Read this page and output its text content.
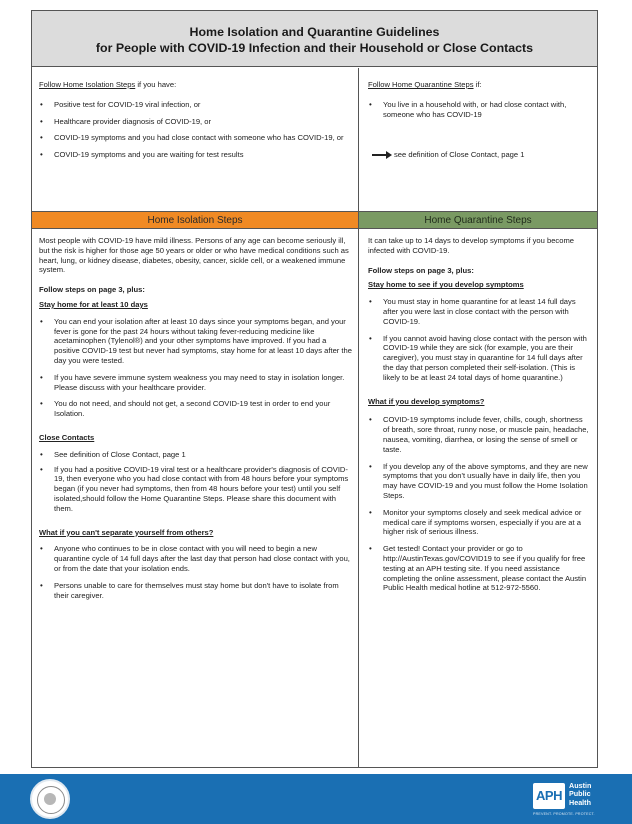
Home Isolation and Quarantine Guidelines
for People with COVID-19 Infection and their Household or Close Contacts
Follow Home Isolation Steps if you have:
• Positive test for COVID-19 viral infection, or
• Healthcare provider diagnosis of COVID-19, or
• COVID-19 symptoms and you had close contact with someone who has COVID-19, or
• COVID-19 symptoms and you are waiting for test results
Follow Home Quarantine Steps if:
• You live in a household with, or had close contact with, someone who has COVID-19
see definition of Close Contact, page 1
Home Isolation Steps	Home Quarantine Steps

Most people with COVID-19 have mild illness. Persons of any age can become seriously ill, but the risk is higher for those age 50 years or older or who have medical conditions such as heart, lung, or kidney disease, diabetes, obesity, cancer, sickle cell, or a weakened immune system.

Follow steps on page 3, plus:

Stay home for at least 10 days

• You can end your isolation after at least 10 days since your symptoms began, and your fever is gone for the past 24 hours without taking fever-reducing medicine like acetaminophen (Tylenol®) and your other symptoms have improved. If you had a positive COVID-19 test but never had symptoms, stay home for at least 10 days after the day you were tested.
• If you have severe immune system weakness you may need to stay in isolation longer. Please discuss with your healthcare provider.
• You do not need, and should not get, a second COVID-19 test in order to end your Isolation.

Close Contacts

• See definition of Close Contact, page 1
• If you had a positive COVID-19 viral test or a healthcare provider's diagnosis of COVID-19, then everyone who you had close contact with from 48 hours before your symptoms began (if you never had symptoms, then from 48 hours before your test) until you self isolated,should follow the Home Quarantine Steps. Please share this document with them.

What if you can't separate yourself from others?

• Anyone who continues to be in close contact with you will need to begin a new quarantine cycle of 14 full days after the last day that person had close contact with you, or from the date that your isolation ends.
• Persons unable to care for themselves must stay home but don't have to isolate from their caregiver.

It can take up to 14 days to develop symptoms if you become infected with COVID-19.

Follow steps on page 3, plus:

Stay home to see if you develop symptoms

• You must stay in home quarantine for at least 14 full days after you were last in close contact with the person with COVID-19.
• If you cannot avoid having close contact with the person with COVID-19 while they are sick (for example, you are their caregiver), you must stay in quarantine for 14 full days after the day that person completed their self-isolation. (This is likely to be at least 24 total days of home quarantine.)

What if you develop symptoms?

• COVID-19 symptoms include fever, chills, cough, shortness of breath, sore throat, runny nose, or muscle pain, headache, nausea, vomiting, diarrhea, or losing the sense of smell or taste.
• If you develop any of the above symptoms, and they are new symptoms that you don't usually have in daily life, then you may have COVID-19 and you must follow the Home Isolation Steps.
• Monitor your symptoms closely and seek medical advice or medical care if symptoms worsen, especially if you are at a higher risk of serious illness.
• Get tested! Contact your provider or go to http://AustinTexas.gov/COVID19 to see if you qualify for free testing at an APH testing site. If you need assistance completing the online assessment, please contact the Austin Public Health medical hotline at 512-972-5560.
APH
Austin
Public
Health
PREVENT. PROMOTE. PROTECT.
